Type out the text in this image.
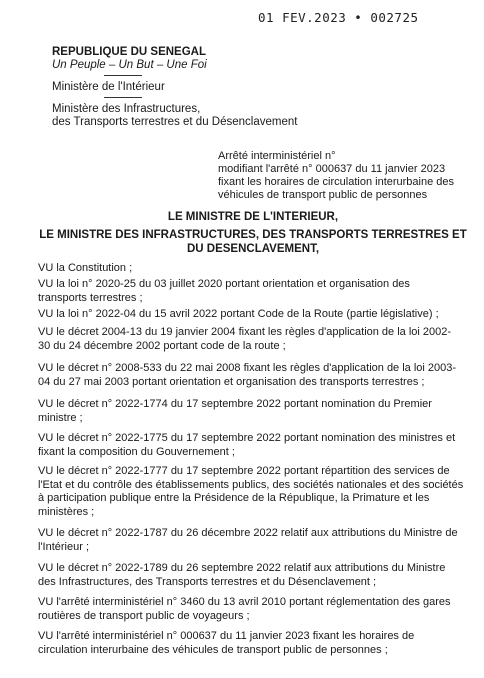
01 FEV.2023 • 002725
REPUBLIQUE DU SENEGAL
Un Peuple – Un But – Une Foi
Ministère de l'Intérieur
Ministère des Infrastructures,
des Transports terrestres et du Désenclavement
Arrêté interministériel n°
modifiant l'arrêté n° 000637 du 11 janvier 2023
fixant les horaires de circulation interurbaine des
véhicules de transport public de personnes
LE MINISTRE DE L'INTERIEUR,
LE MINISTRE DES INFRASTRUCTURES, DES TRANSPORTS TERRESTRES ET
DU DESENCLAVEMENT,
VU la Constitution ;
VU la loi n° 2020-25 du 03 juillet 2020 portant orientation et organisation des
transports terrestres ;
VU la loi n° 2022-04 du 15 avril 2022 portant Code de la Route (partie législative) ;
VU le décret 2004-13 du 19 janvier 2004 fixant les règles d'application de la loi 2002-
30 du 24 décembre 2002 portant code de la route ;
VU le décret n° 2008-533 du 22 mai 2008 fixant les règles d'application de la loi 2003-
04 du 27 mai 2003 portant orientation et organisation des transports terrestres ;
VU le décret n° 2022-1774 du 17 septembre 2022 portant nomination du Premier
ministre ;
VU le décret n° 2022-1775 du 17 septembre 2022 portant nomination des ministres et
fixant la composition du Gouvernement ;
VU le décret n° 2022-1777 du 17 septembre 2022 portant répartition des services de
l'Etat et du contrôle des établissements publics, des sociétés nationales et des sociétés
à participation publique entre la Présidence de la République, la Primature et les
ministères ;
VU le décret n° 2022-1787 du 26 décembre 2022 relatif aux attributions du Ministre de
l'Intérieur ;
VU le décret n° 2022-1789 du 26 septembre 2022 relatif aux attributions du Ministre
des Infrastructures, des Transports terrestres et du Désenclavement ;
VU l'arrêté interministériel n° 3460 du 13 avril 2010 portant réglementation des gares
routières de transport public de voyageurs ;
VU l'arrêté interministériel n° 000637 du 11 janvier 2023 fixant les horaires de
circulation interurbaine des véhicules de transport public de personnes ;
